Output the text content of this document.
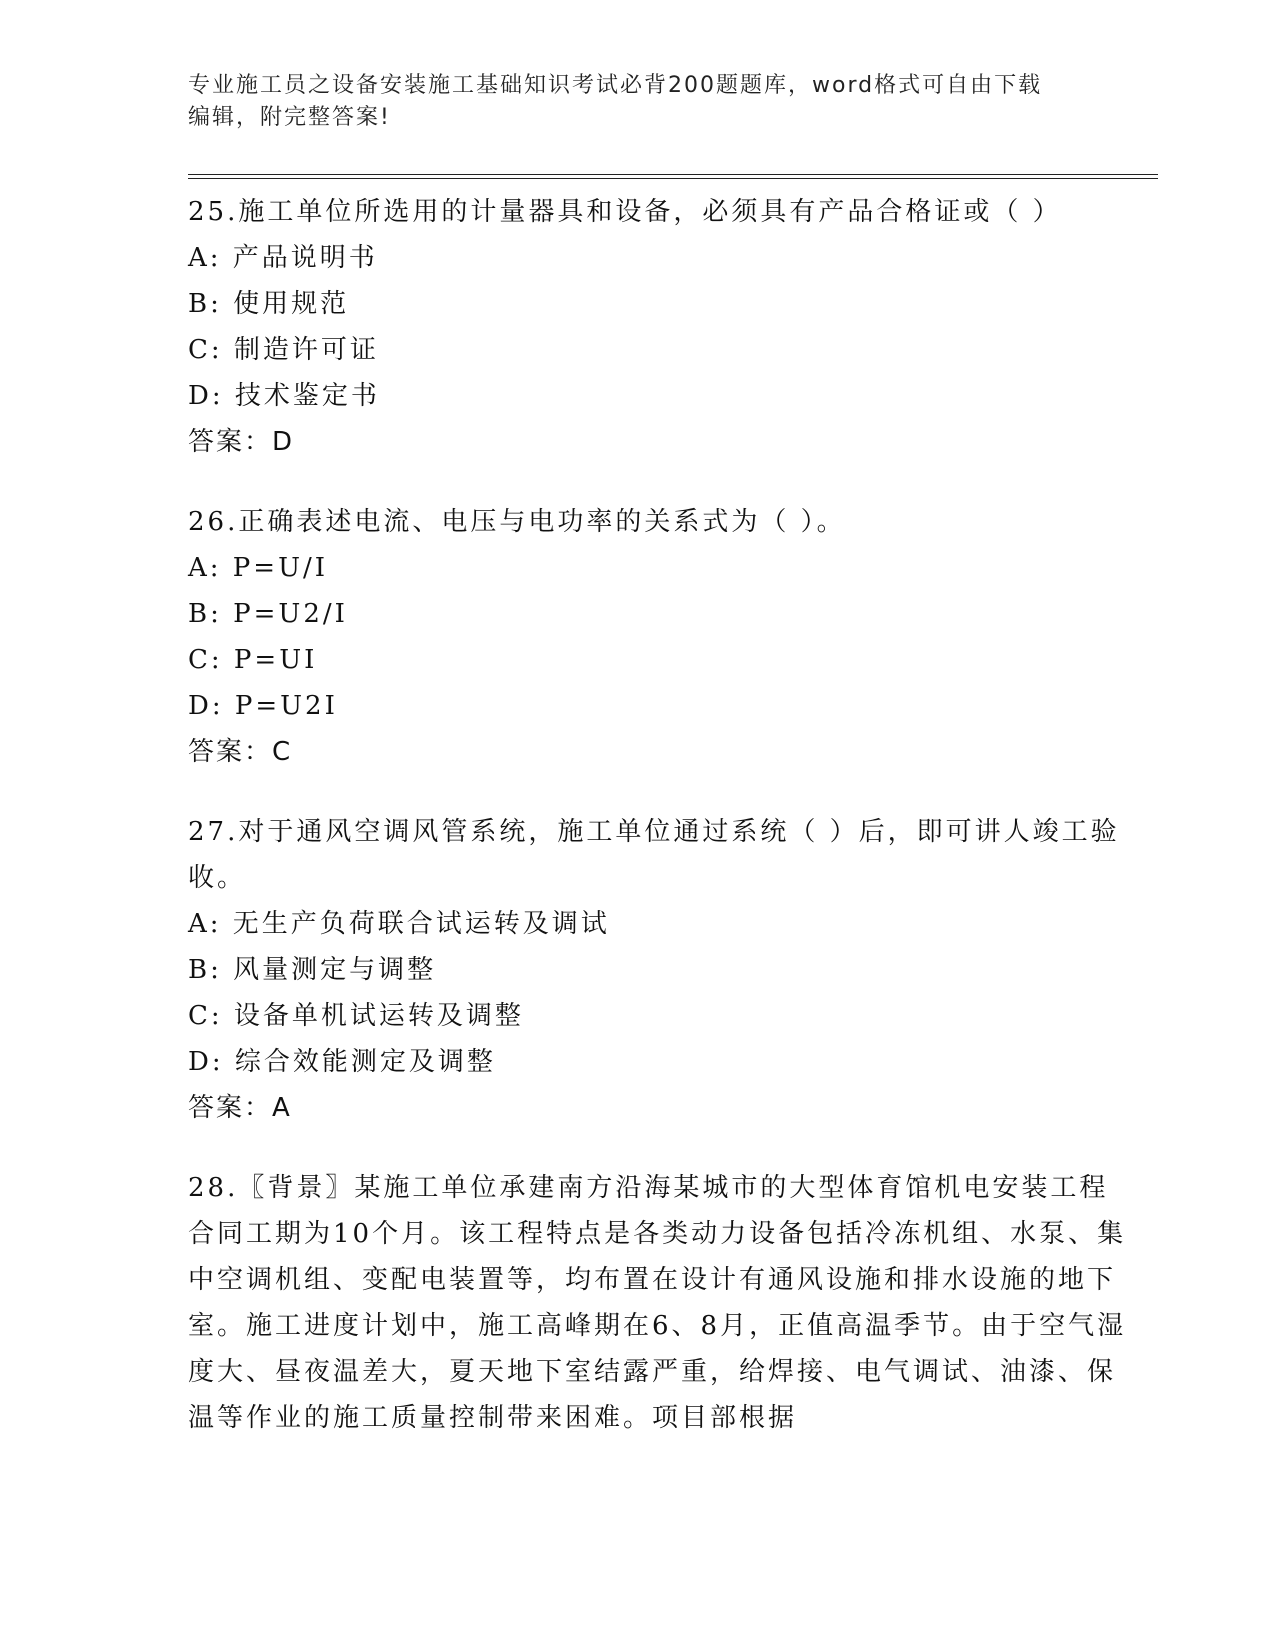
专业施工员之设备安装施工基础知识考试必背200题题库，word格式可自由下载
编辑，附完整答案!

25.施工单位所选用的计量器具和设备，必须具有产品合格证或（ ）

A: 产品说明书

B: 使用规范

C: 制造许可证

D: 技术鉴定书

答案：D

26.正确表述电流、电压与电功率的关系式为（ ）。

A: P=U/I

B: P=U2/I

C: P=UI

D: P=U2I

答案：C

27.对于通风空调风管系统，施工单位通过系统（ ）后，即可讲人竣工验收。

A: 无生产负荷联合试运转及调试

B: 风量测定与调整

C: 设备单机试运转及调整

D: 综合效能测定及调整

答案：A

28.〖背景〗某施工单位承建南方沿海某城市的大型体育馆机电安装工程合同工期为10个月。该工程特点是各类动力设备包括冷冻机组、水泵、集中空调机组、变配电装置等，均布置在设计有通风设施和排水设施的地下室。施工进度计划中，施工高峰期在6、8月，正值高温季节。由于空气湿度大、昼夜温差大，夏天地下室结露严重，给焊接、电气调试、油漆、保温等作业的施工质量控制带来困难。项目部根据
